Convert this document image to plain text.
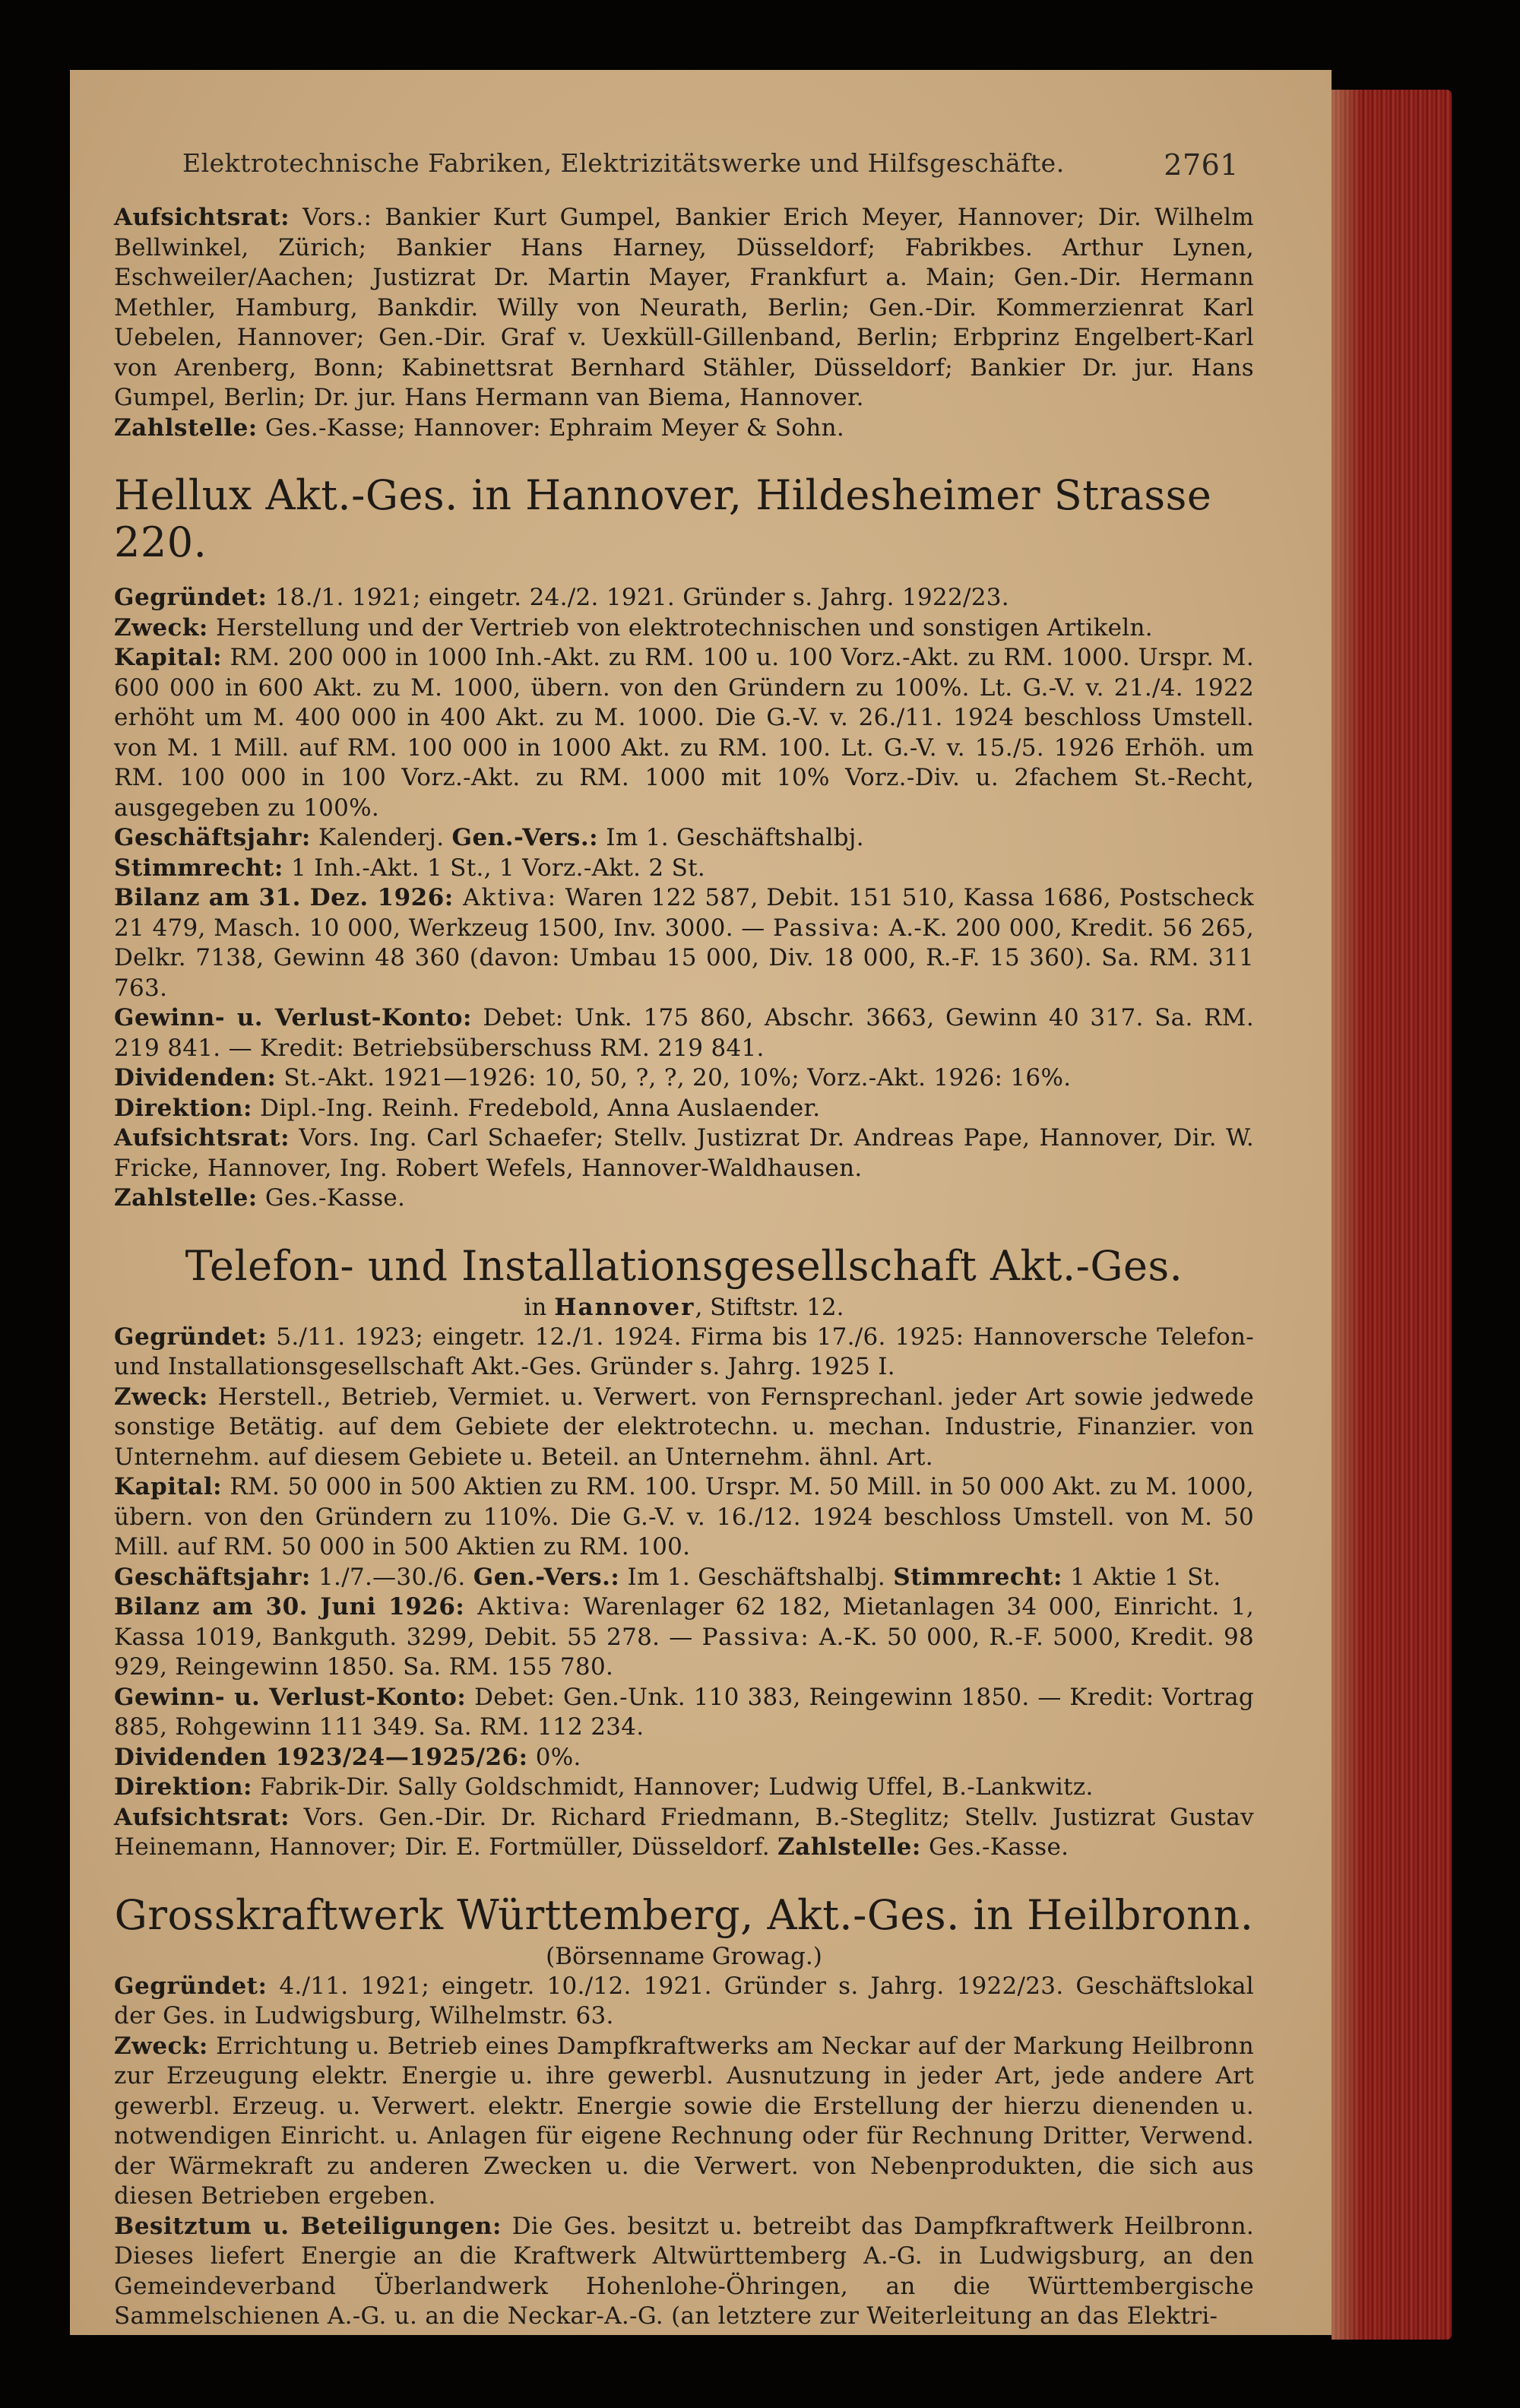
Elektrotechnische Fabriken, Elektrizitätswerke und Hilfsgeschäfte.	2761

Aufsichtsrat: Vors.: Bankier Kurt Gumpel, Bankier Erich Meyer, Hannover; Dir. Wilhelm Bellwinkel, Zürich; Bankier Hans Harney, Düsseldorf; Fabrikbes. Arthur Lynen, Eschweiler/Aachen; Justizrat Dr. Martin Mayer, Frankfurt a. Main; Gen.-Dir. Hermann Methler, Hamburg, Bankdir. Willy von Neurath, Berlin; Gen.-Dir. Kommerzienrat Karl Uebelen, Hannover; Gen.-Dir. Graf v. Uexküll-Gillenband, Berlin; Erbprinz Engelbert-Karl von Arenberg, Bonn; Kabinettsrat Bernhard Stähler, Düsseldorf; Bankier Dr. jur. Hans Gumpel, Berlin; Dr. jur. Hans Hermann van Biema, Hannover.

Zahlstelle: Ges.-Kasse; Hannover: Ephraim Meyer & Sohn.

Hellux Akt.-Ges. in Hannover, Hildesheimer Strasse 220.

Gegründet: 18./1. 1921; eingetr. 24./2. 1921. Gründer s. Jahrg. 1922/23.

Zweck: Herstellung und der Vertrieb von elektrotechnischen und sonstigen Artikeln.

Kapital: RM. 200 000 in 1000 Inh.-Akt. zu RM. 100 u. 100 Vorz.-Akt. zu RM. 1000. Urspr. M. 600 000 in 600 Akt. zu M. 1000, übern. von den Gründern zu 100%. Lt. G.-V. v. 21./4. 1922 erhöht um M. 400 000 in 400 Akt. zu M. 1000. Die G.-V. v. 26./11. 1924 beschloss Umstell. von M. 1 Mill. auf RM. 100 000 in 1000 Akt. zu RM. 100. Lt. G.-V. v. 15./5. 1926 Erhöh. um RM. 100 000 in 100 Vorz.-Akt. zu RM. 1000 mit 10% Vorz.-Div. u. 2fachem St.-Recht, ausgegeben zu 100%.

Geschäftsjahr: Kalenderj. Gen.-Vers.: Im 1. Geschäftshalbj.

Stimmrecht: 1 Inh.-Akt. 1 St., 1 Vorz.-Akt. 2 St.

Bilanz am 31. Dez. 1926: Aktiva: Waren 122 587, Debit. 151 510, Kassa 1686, Postscheck 21 479, Masch. 10 000, Werkzeug 1500, Inv. 3000. — Passiva: A.-K. 200 000, Kredit. 56 265, Delkr. 7138, Gewinn 48 360 (davon: Umbau 15 000, Div. 18 000, R.-F. 15 360). Sa. RM. 311 763.

Gewinn- u. Verlust-Konto: Debet: Unk. 175 860, Abschr. 3663, Gewinn 40 317. Sa. RM. 219 841. — Kredit: Betriebsüberschuss RM. 219 841.

Dividenden: St.-Akt. 1921—1926: 10, 50, ?, ?, 20, 10%; Vorz.-Akt. 1926: 16%.

Direktion: Dipl.-Ing. Reinh. Fredebold, Anna Auslaender.

Aufsichtsrat: Vors. Ing. Carl Schaefer; Stellv. Justizrat Dr. Andreas Pape, Hannover, Dir. W. Fricke, Hannover, Ing. Robert Wefels, Hannover-Waldhausen.

Zahlstelle: Ges.-Kasse.

Telefon- und Installationsgesellschaft Akt.-Ges.
in Hannover, Stiftstr. 12.

Gegründet: 5./11. 1923; eingetr. 12./1. 1924. Firma bis 17./6. 1925: Hannoversche Telefon- und Installationsgesellschaft Akt.-Ges. Gründer s. Jahrg. 1925 I.

Zweck: Herstell., Betrieb, Vermiet. u. Verwert. von Fernsprechanl. jeder Art sowie jedwede sonstige Betätig. auf dem Gebiete der elektrotechn. u. mechan. Industrie, Finanzier. von Unternehm. auf diesem Gebiete u. Beteil. an Unternehm. ähnl. Art.

Kapital: RM. 50 000 in 500 Aktien zu RM. 100. Urspr. M. 50 Mill. in 50 000 Akt. zu M. 1000, übern. von den Gründern zu 110%. Die G.-V. v. 16./12. 1924 beschloss Umstell. von M. 50 Mill. auf RM. 50 000 in 500 Aktien zu RM. 100.

Geschäftsjahr: 1./7.—30./6. Gen.-Vers.: Im 1. Geschäftshalbj. Stimmrecht: 1 Aktie 1 St.

Bilanz am 30. Juni 1926: Aktiva: Warenlager 62 182, Mietanlagen 34 000, Einricht. 1, Kassa 1019, Bankguth. 3299, Debit. 55 278. — Passiva: A.-K. 50 000, R.-F. 5000, Kredit. 98 929, Reingewinn 1850. Sa. RM. 155 780.

Gewinn- u. Verlust-Konto: Debet: Gen.-Unk. 110 383, Reingewinn 1850. — Kredit: Vortrag 885, Rohgewinn 111 349. Sa. RM. 112 234.

Dividenden 1923/24—1925/26: 0%.

Direktion: Fabrik-Dir. Sally Goldschmidt, Hannover; Ludwig Uffel, B.-Lankwitz.

Aufsichtsrat: Vors. Gen.-Dir. Dr. Richard Friedmann, B.-Steglitz; Stellv. Justizrat Gustav Heinemann, Hannover; Dir. E. Fortmüller, Düsseldorf. Zahlstelle: Ges.-Kasse.

Grosskraftwerk Württemberg, Akt.-Ges. in Heilbronn.
(Börsenname Growag.)

Gegründet: 4./11. 1921; eingetr. 10./12. 1921. Gründer s. Jahrg. 1922/23. Geschäftslokal der Ges. in Ludwigsburg, Wilhelmstr. 63.

Zweck: Errichtung u. Betrieb eines Dampfkraftwerks am Neckar auf der Markung Heilbronn zur Erzeugung elektr. Energie u. ihre gewerbl. Ausnutzung in jeder Art, jede andere Art gewerbl. Erzeug. u. Verwert. elektr. Energie sowie die Erstellung der hierzu dienenden u. notwendigen Einricht. u. Anlagen für eigene Rechnung oder für Rechnung Dritter, Verwend. der Wärmekraft zu anderen Zwecken u. die Verwert. von Nebenprodukten, die sich aus diesen Betrieben ergeben.

Besitztum u. Beteiligungen: Die Ges. besitzt u. betreibt das Dampfkraftwerk Heilbronn. Dieses liefert Energie an die Kraftwerk Altwürttemberg A.-G. in Ludwigsburg, an den Gemeindeverband Überlandwerk Hohenlohe-Öhringen, an die Württembergische Sammelschienen A.-G. u. an die Neckar-A.-G. (an letztere zur Weiterleitung an das Elektri-
